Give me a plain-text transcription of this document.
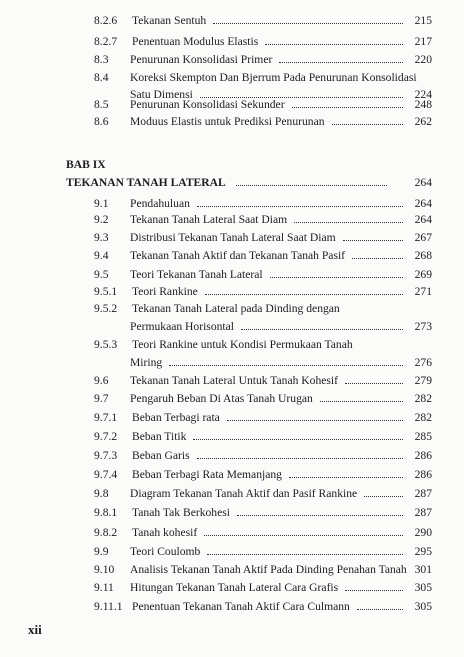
8.2.6 Tekanan Sentuh	215
8.2.7 Penentuan Modulus Elastis	217
8.3 Penurunan Konsolidasi Primer	220
8.4 Koreksi Skempton Dan Bjerrum Pada Penurunan Konsolidasi
Satu Dimensi	224
8.5 Penurunan Konsolidasi Sekunder	248
8.6 Moduus Elastis untuk Prediksi Penurunan	262
BAB IX
TEKANAN TANAH LATERAL	264
9.1 Pendahuluan	264
9.2 Tekanan Tanah Lateral Saat Diam	264
9.3 Distribusi Tekanan Tanah Lateral Saat Diam	267
9.4 Tekanan Tanah Aktif dan Tekanan Tanah Pasif	268
9.5 Teori Tekanan Tanah Lateral	269
9.5.1 Teori Rankine	271
9.5.2 Tekanan Tanah Lateral pada Dinding dengan
Permukaan Horisontal	273
9.5.3 Teori Rankine untuk Kondisi Permukaan Tanah
Miring	276
9.6 Tekanan Tanah Lateral Untuk Tanah Kohesif	279
9.7 Pengaruh Beban Di Atas Tanah Urugan	282
9.7.1 Beban Terbagi rata	282
9.7.2 Beban Titik	285
9.7.3 Beban Garis	286
9.7.4 Beban Terbagi Rata Memanjang	286
9.8 Diagram Tekanan Tanah Aktif dan Pasif Rankine	287
9.8.1 Tanah Tak Berkohesi	287
9.8.2 Tanah kohesif	290
9.9 Teori Coulomb	295
9.10 Analisis Tekanan Tanah Aktif Pada Dinding Penahan Tanah 301
9.11 Hitungan Tekanan Tanah Lateral Cara Grafis	305
9.11.1 Penentuan Tekanan Tanah Aktif Cara Culmann	305
xii
